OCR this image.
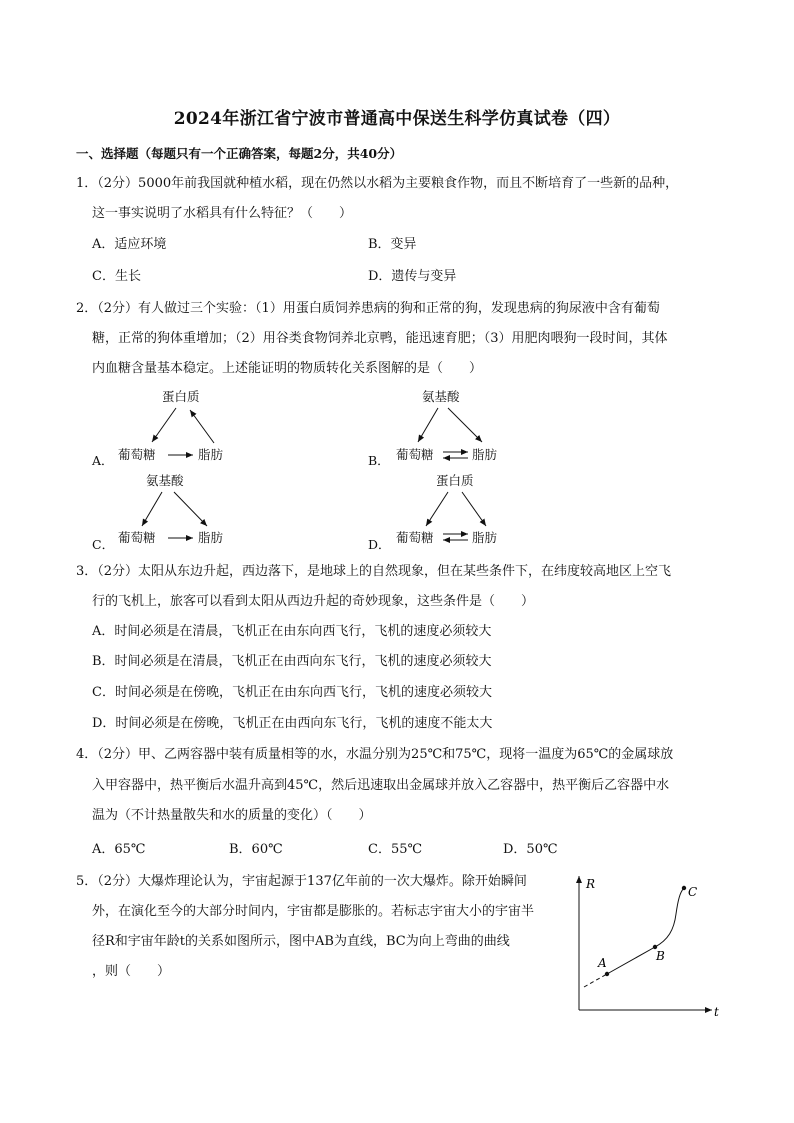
2024年浙江省宁波市普通高中保送生科学仿真试卷（四）
一、选择题（每题只有一个正确答案，每题2分，共40分）
1．（2分）5000年前我国就种植水稻，现在仍然以水稻为主要粮食作物，而且不断培育了一些新的品种，
这一事实说明了水稻具有什么特征？（　　）
A．适应环境	B．变异
C．生长	D．遗传与变异
2．（2分）有人做过三个实验：（1）用蛋白质饲养患病的狗和正常的狗，发现患病的狗尿液中含有葡萄
糖，正常的狗体重增加；（2）用谷类食物饲养北京鸭，能迅速育肥；（3）用肥肉喂狗一段时间，其体
内血糖含量基本稳定。上述能证明的物质转化关系图解的是（　　）
A．
蛋白质
葡萄糖	脂肪	B．
氨基酸
葡萄糖	脂肪
C．
氨基酸
葡萄糖	脂肪	D．
蛋白质
葡萄糖	脂肪
3．（2分）太阳从东边升起，西边落下，是地球上的自然现象，但在某些条件下，在纬度较高地区上空飞
行的飞机上，旅客可以看到太阳从西边升起的奇妙现象，这些条件是（　　）
A．时间必须是在清晨，飞机正在由东向西飞行，飞机的速度必须较大
B．时间必须是在清晨，飞机正在由西向东飞行，飞机的速度必须较大
C．时间必须是在傍晚，飞机正在由东向西飞行，飞机的速度必须较大
D．时间必须是在傍晚，飞机正在由西向东飞行，飞机的速度不能太大
4．（2分）甲、乙两容器中装有质量相等的水，水温分别为25℃和75℃，现将一温度为65℃的金属球放
入甲容器中，热平衡后水温升高到45℃，然后迅速取出金属球并放入乙容器中，热平衡后乙容器中水
温为（不计热量散失和水的质量的变化）（　　）
A．65℃	B．60℃	C．55℃	D．50℃
5．（2分）大爆炸理论认为，宇宙起源于137亿年前的一次大爆炸。除开始瞬间
外，在演化至今的大部分时间内，宇宙都是膨胀的。若标志宇宙大小的宇宙半
径R和宇宙年龄t的关系如图所示，图中AB为直线，BC为向上弯曲的曲线
，则（　　）
R
t
A	B
C
